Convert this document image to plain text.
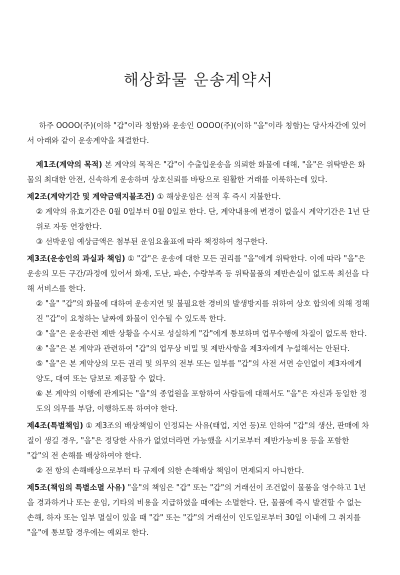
해상화물 운송계약서

하주 OOOO(주)(이하 "갑"이라 칭함)와 운송인 OOOO(주)(이하 "을"이라 칭함)는 당사자간에 있어서 아래와 같이 운송계약을 체결한다.

제1조(계약의 목적) 본 계약의 목적은 "갑"이 수출입운송을 의뢰한 화물에 대해, "을"은 위탁받은 화물의 최대한 안전, 신속하게 운송하며 상호신뢰를 바탕으로 원활한 거래를 이룩하는데 있다.

제2조(계약기간 및 계약금액지불조건) ① 해상운임은 선적 후 즉시 지불한다.

② 계약의 유효기간은 0월 0일부터 0월 0일로 한다. 단, 계약내용에 변경이 없을시 계약기간은 1년 단위로 자동 연장한다.

③ 선박운임 예상금액은 첨부된 운임요율표에 따라 책정하여 청구한다.

제3조(운송인의 과실과 책임) ① "갑"은 운송에 대한 모든 권리를 "을"에게 위탁한다. 이에 따라 "을"은 운송의 모든 구간/과정에 있어서 화재, 도난, 파손, 수량부족 등 위탁물품의 제반손실이 없도록 최선을 다해 서비스를 한다.

② "을" "갑"의 화물에 대하여 운송지연 및 불필요한 경비의 발생방지를 위하여 상호 합의에 의해 정해진 "갑"이 요청하는 날짜에 화물이 인수될 수 있도록 한다.

③ "을"은 운송관련 제반 상황을 수시로 성실하게 "갑"에게 통보하며 업무수행에 차질이 없도록 한다.

④ "을"은 본 계약과 관련하여 "갑"의 업무상 비밀 및 제반사항을 제3자에게 누설해서는 안된다.

⑤ "을"은 본 계약상의 모든 권리 및 의무의 전부 또는 일부를 "갑"의 사전 서면 승인없이 제3자에게 양도, 대여 또는 담보로 제공할 수 없다.

⑥ 본 계약의 이행에 관계되는 "을"의 종업원을 포함하여 사람들에 대해서도 "을"은 자신과 동일한 정도의 의무를 부담, 이행하도록 하여야 한다.

제4조(특별책임) ① 제3조의 배상책임이 인정되는 사유(태업, 지연 등)로 인하여 "갑"의 생산, 판매에 차질이 생길 경우, "을"은 정당한 사유가 없었더라면 가능했을 시기로부터 제반가능비용 등을 포함한 "갑"의 전 손해를 배상하여야 한다.

② 전 항의 손해배상으로부터 타 규제에 의한 손해배상 책임이 면제되지 아니한다.

제5조(책임의 특별소멸 사유) "을"의 책임은 "갑" 또는 "갑"의 거래선이 조건없이 물품을 영수하고 1년을 경과하거나 또는 운임, 기타의 비용을 지급하였을 때에는 소멸한다. 단, 물품에 즉시 발견할 수 없는 손해, 하자 또는 일부 멸실이 있을 때 "갑" 또는 "갑"의 거래선이 인도일로부터 30일 이내에 그 취지를 "을"에 통보할 경우에는 예외로 한다.
